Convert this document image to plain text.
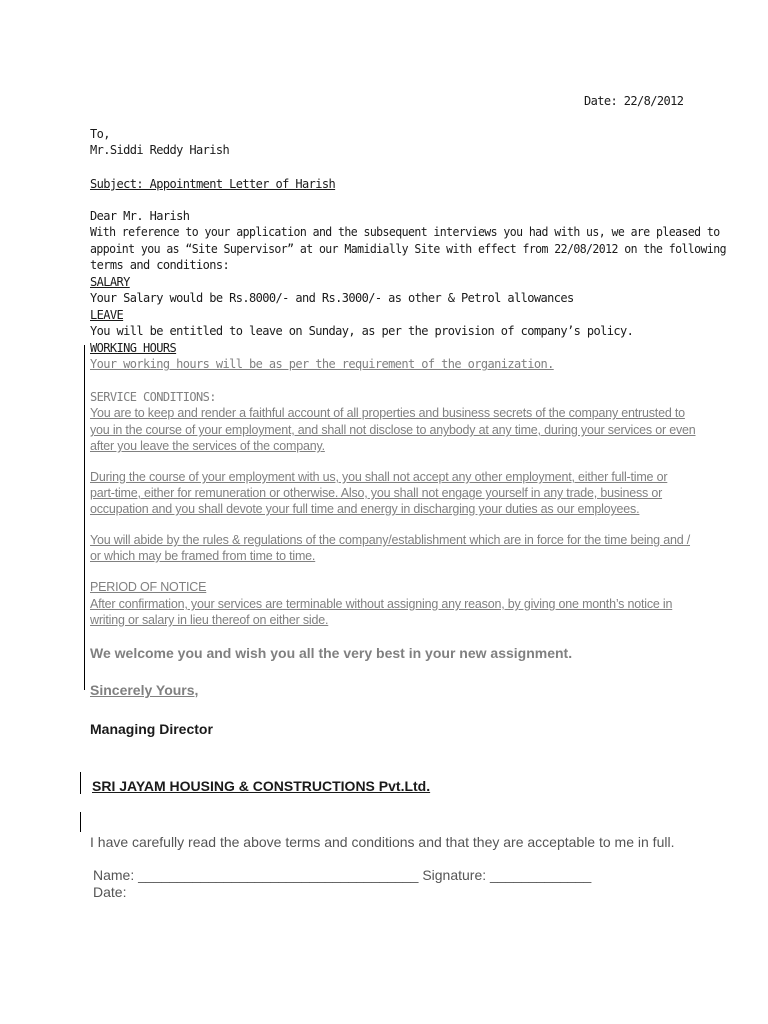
Date: 22/8/2012
To,
Mr.Siddi Reddy Harish
Subject: Appointment Letter of Harish
Dear Mr. Harish
With reference to your application and the subsequent interviews you had with us, we are pleased to
appoint you as “Site Supervisor” at our Mamidially Site with effect from 22/08/2012 on the following
terms and conditions:
SALARY
Your Salary would be Rs.8000/- and Rs.3000/- as other & Petrol allowances
LEAVE
You will be entitled to leave on Sunday, as per the provision of company’s policy.
WORKING HOURS
Your working hours will be as per the requirement of the organization.
SERVICE CONDITIONS:
You are to keep and render a faithful account of all properties and business secrets of the company entrusted to
you in the course of your employment, and shall not disclose to anybody at any time, during your services or even
after you leave the services of the company.
During the course of your employment with us, you shall not accept any other employment, either full-time or
part-time, either for remuneration or otherwise. Also, you shall not engage yourself in any trade, business or
occupation and you shall devote your full time and energy in discharging your duties as our employees.
You will abide by the rules & regulations of the company/establishment which are in force for the time being and /
or which may be framed from time to time.
PERIOD OF NOTICE
After confirmation, your services are terminable without assigning any reason, by giving one month’s notice in
writing or salary in lieu thereof on either side.
We welcome you and wish you all the very best in your new assignment.
Sincerely Yours,
Managing Director
SRI JAYAM HOUSING & CONSTRUCTIONS Pvt.Ltd.
I have carefully read the above terms and conditions and that they are acceptable to me in full.
Name: ____________________________________ Signature: _____________
Date:
